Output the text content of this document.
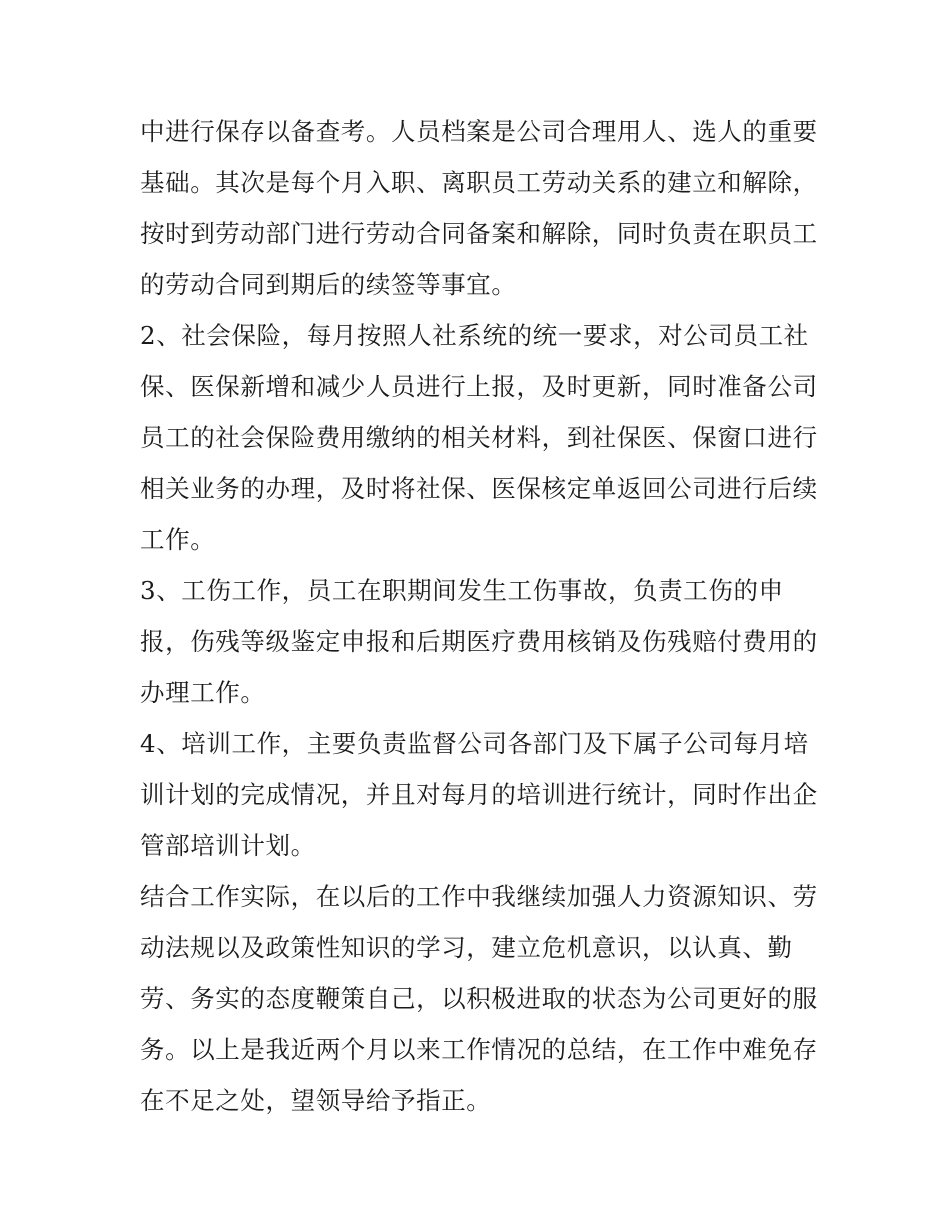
中进行保存以备查考。人员档案是公司合理用人、选人的重要
基础。其次是每个月入职、离职员工劳动关系的建立和解除，
按时到劳动部门进行劳动合同备案和解除，同时负责在职员工
的劳动合同到期后的续签等事宜。
2、社会保险，每月按照人社系统的统一要求，对公司员工社
保、医保新增和减少人员进行上报，及时更新，同时准备公司
员工的社会保险费用缴纳的相关材料，到社保医、保窗口进行
相关业务的办理，及时将社保、医保核定单返回公司进行后续
工作。
3、工伤工作，员工在职期间发生工伤事故，负责工伤的申
报，伤残等级鉴定申报和后期医疗费用核销及伤残赔付费用的
办理工作。
4、培训工作，主要负责监督公司各部门及下属子公司每月培
训计划的完成情况，并且对每月的培训进行统计，同时作出企
管部培训计划。
结合工作实际，在以后的工作中我继续加强人力资源知识、劳
动法规以及政策性知识的学习，建立危机意识，以认真、勤
劳、务实的态度鞭策自己，以积极进取的状态为公司更好的服
务。以上是我近两个月以来工作情况的总结，在工作中难免存
在不足之处，望领导给予指正。
